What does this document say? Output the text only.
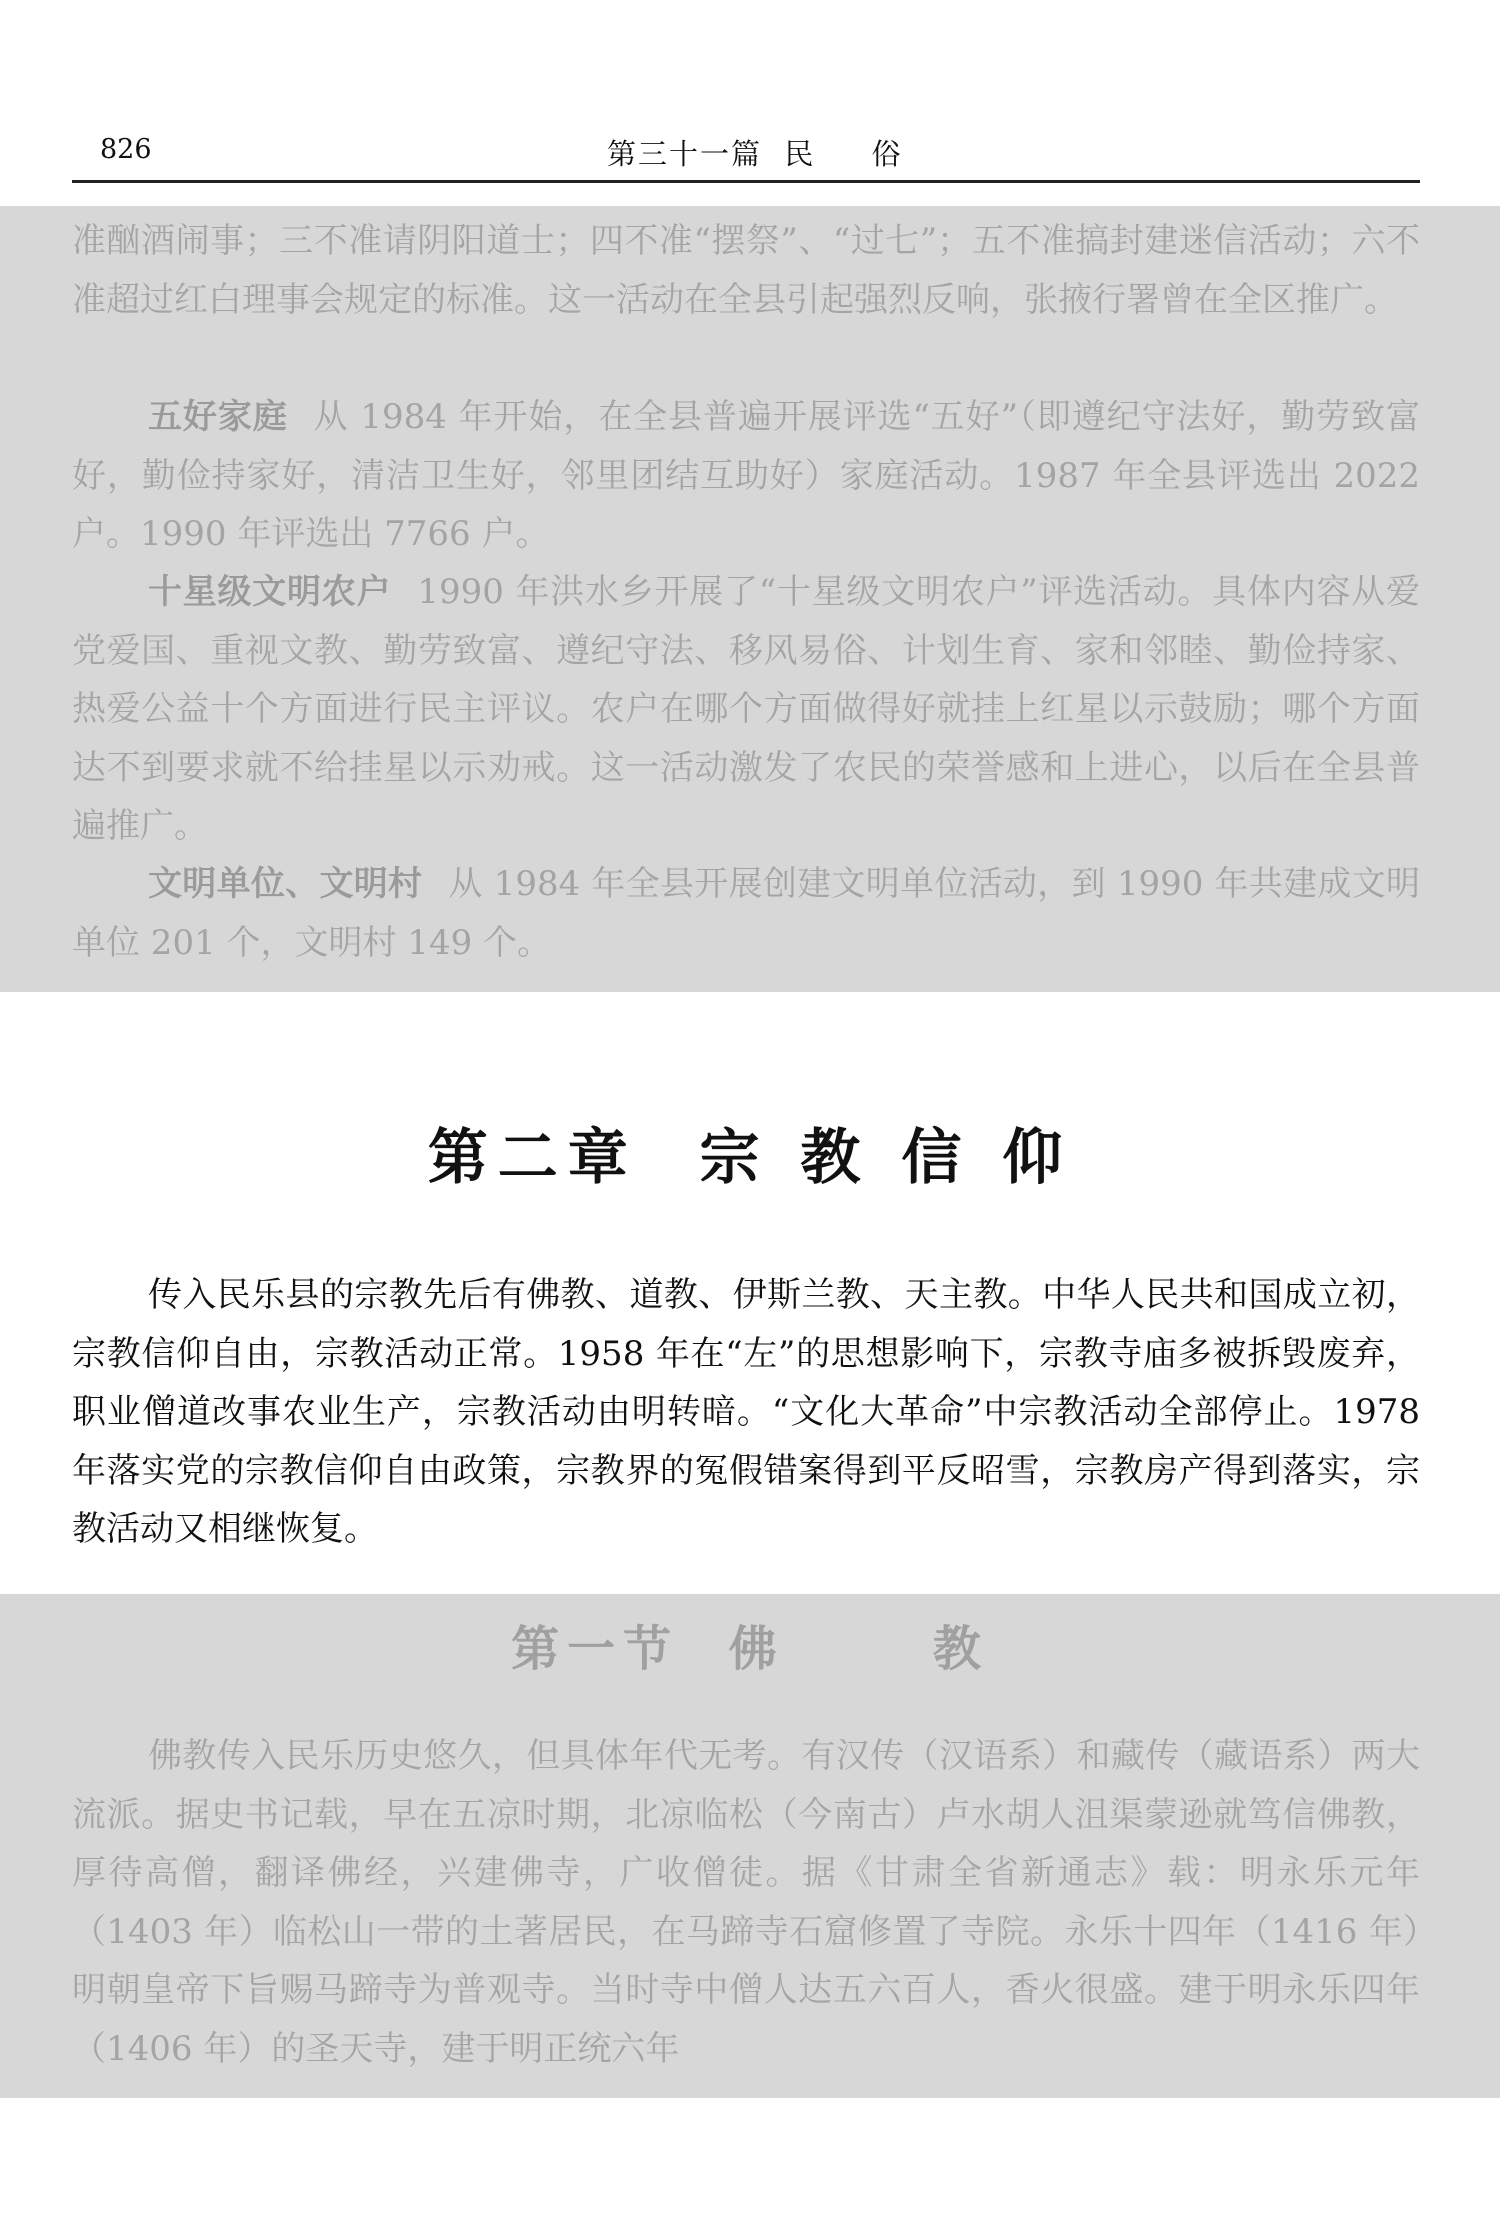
826	第三十一篇  民     俗

准酗酒闹事；三不准请阴阳道士；四不准“摆祭”、“过七”；五不准搞封建迷信活动；六不准超过红白理事会规定的标准。这一活动在全县引起强烈反响，张掖行署曾在全区推广。

五好家庭 从 1984 年开始，在全县普遍开展评选“五好”（即遵纪守法好，勤劳致富好，勤俭持家好，清洁卫生好，邻里团结互助好）家庭活动。1987 年全县评选出 2022 户。1990 年评选出 7766 户。

十星级文明农户 1990 年洪水乡开展了“十星级文明农户”评选活动。具体内容从爱党爱国、重视文教、勤劳致富、遵纪守法、移风易俗、计划生育、家和邻睦、勤俭持家、热爱公益十个方面进行民主评议。农户在哪个方面做得好就挂上红星以示鼓励；哪个方面达不到要求就不给挂星以示劝戒。这一活动激发了农民的荣誉感和上进心，以后在全县普遍推广。

文明单位、文明村 从 1984 年全县开展创建文明单位活动，到 1990 年共建成文明单位 201 个，文明村 149 个。

第二章  宗 教 信 仰

传入民乐县的宗教先后有佛教、道教、伊斯兰教、天主教。中华人民共和国成立初，宗教信仰自由，宗教活动正常。1958 年在“左”的思想影响下，宗教寺庙多被拆毁废弃，职业僧道改事农业生产，宗教活动由明转暗。“文化大革命”中宗教活动全部停止。1978 年落实党的宗教信仰自由政策，宗教界的冤假错案得到平反昭雪，宗教房产得到落实，宗教活动又相继恢复。

第一节  佛      教

佛教传入民乐历史悠久，但具体年代无考。有汉传（汉语系）和藏传（藏语系）两大流派。据史书记载，早在五凉时期，北凉临松（今南古）卢水胡人沮渠蒙逊就笃信佛教，厚待高僧，翻译佛经，兴建佛寺，广收僧徒。据《甘肃全省新通志》载：明永乐元年（1403 年）临松山一带的土著居民，在马蹄寺石窟修置了寺院。永乐十四年（1416 年）明朝皇帝下旨赐马蹄寺为普观寺。当时寺中僧人达五六百人，香火很盛。建于明永乐四年（1406 年）的圣天寺，建于明正统六年
